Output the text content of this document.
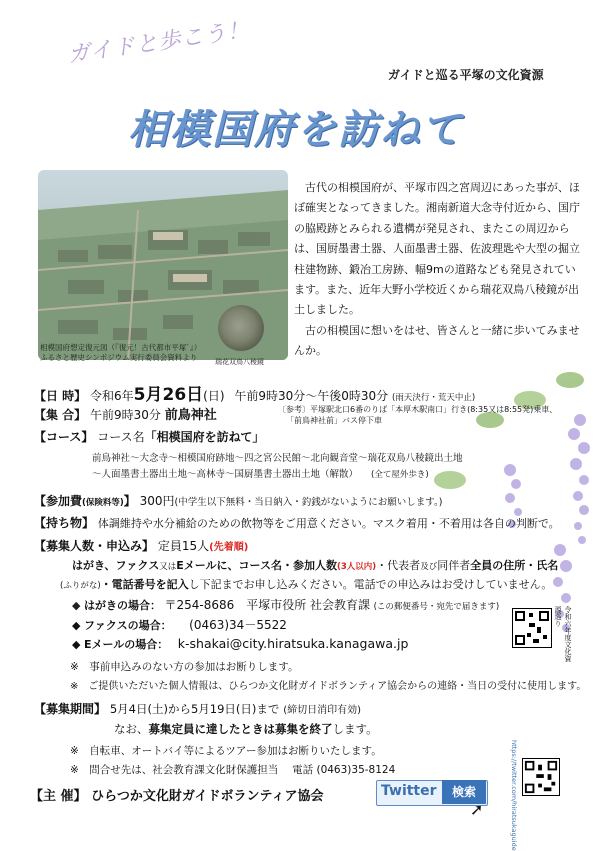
ガイドと歩こう！
ガイドと巡る平塚の文化資源
相模国府を訪ねて
相模国府想定復元図（『復元！古代都市平塚ﾞ』）
ふるさと歴史シンポジウム実行委員会資料より	瑞花双鳥八稜鏡

古代の相模国府が、平塚市四之宮周辺にあった事が、ほぼ確実となってきました。湘南新道大念寺付近から、国庁の脇殿跡とみられる遺構が発見され、またこの周辺からは、国厨墨書土器、人面墨書土器、佐波理匙や大型の掘立柱建物跡、鍛冶工房跡、幅9mの道路なども発見されています。また、近年大野小学校近くから瑞花双鳥八稜鏡が出土しました。

古の相模国に想いをはせ、皆さんと一緒に歩いてみませんか。

【日 時】 令和6年5月26日(日) 午前9時30分～午後0時30分 (雨天決行・荒天中止)
【集 合】 午前9時30分 前鳥神社	〔参考〕平塚駅北口6番のりば「本厚木駅南口」行き(8:35又は8:55発)乗車、
「前鳥神社前」バス停下車
【コース】 コース名「相模国府を訪ねて」
前鳥神社～大念寺～相模国府跡地～四之宮公民館～北向観音堂～瑞花双鳥八稜鏡出土地
～人面墨書土器出土地～高林寺～国厨墨書土器出土地（解散） (全て屋外歩き)
【参加費(保険料等)】 300円(中学生以下無料・当日納入・釣銭がないようにお願いします。)
【持ち物】 体調維持や水分補給のための飲物等をご用意ください。マスク着用・不着用は各自の判断で。
【募集人数・申込み】 定員15人(先着順)
はがき、ファクス又はEメールに、コース名・参加人数(3人以内)・代表者及び同伴者全員の住所・氏名
(ふりがな)・電話番号を記入し下記までお申し込みください。電話での申込みはお受けしていません。
◆ はがきの場合： 〒254-8686　平塚市役所 社会教育課 (この郵便番号・宛先で届きます)
◆ ファクスの場合： (0463)34－5522
◆ Eメールの場合： k-shakai@city.hiratsuka.kanagawa.jp
※　事前申込みのない方の参加はお断りします。
※　ご提供いただいた個人情報は、ひらつか文化財ガイドボランティア協会からの連絡・当日の受付に使用します。
【募集期間】 5月4日(土)から5月19日(日)まで (締切日消印有効)
なお、募集定員に達したときは募集を終了します。
※　自転車、オートバイ等によるツアー参加はお断りいたします。
※　問合せ先は、社会教育課文化財保護担当　 電話 (0463)35-8124
【主 催】 ひらつか文化財ガイドボランティア協会	Twitter	検索
➚
令和六年度文化資源巡り
https://twitter.com/hiratsukaguide
